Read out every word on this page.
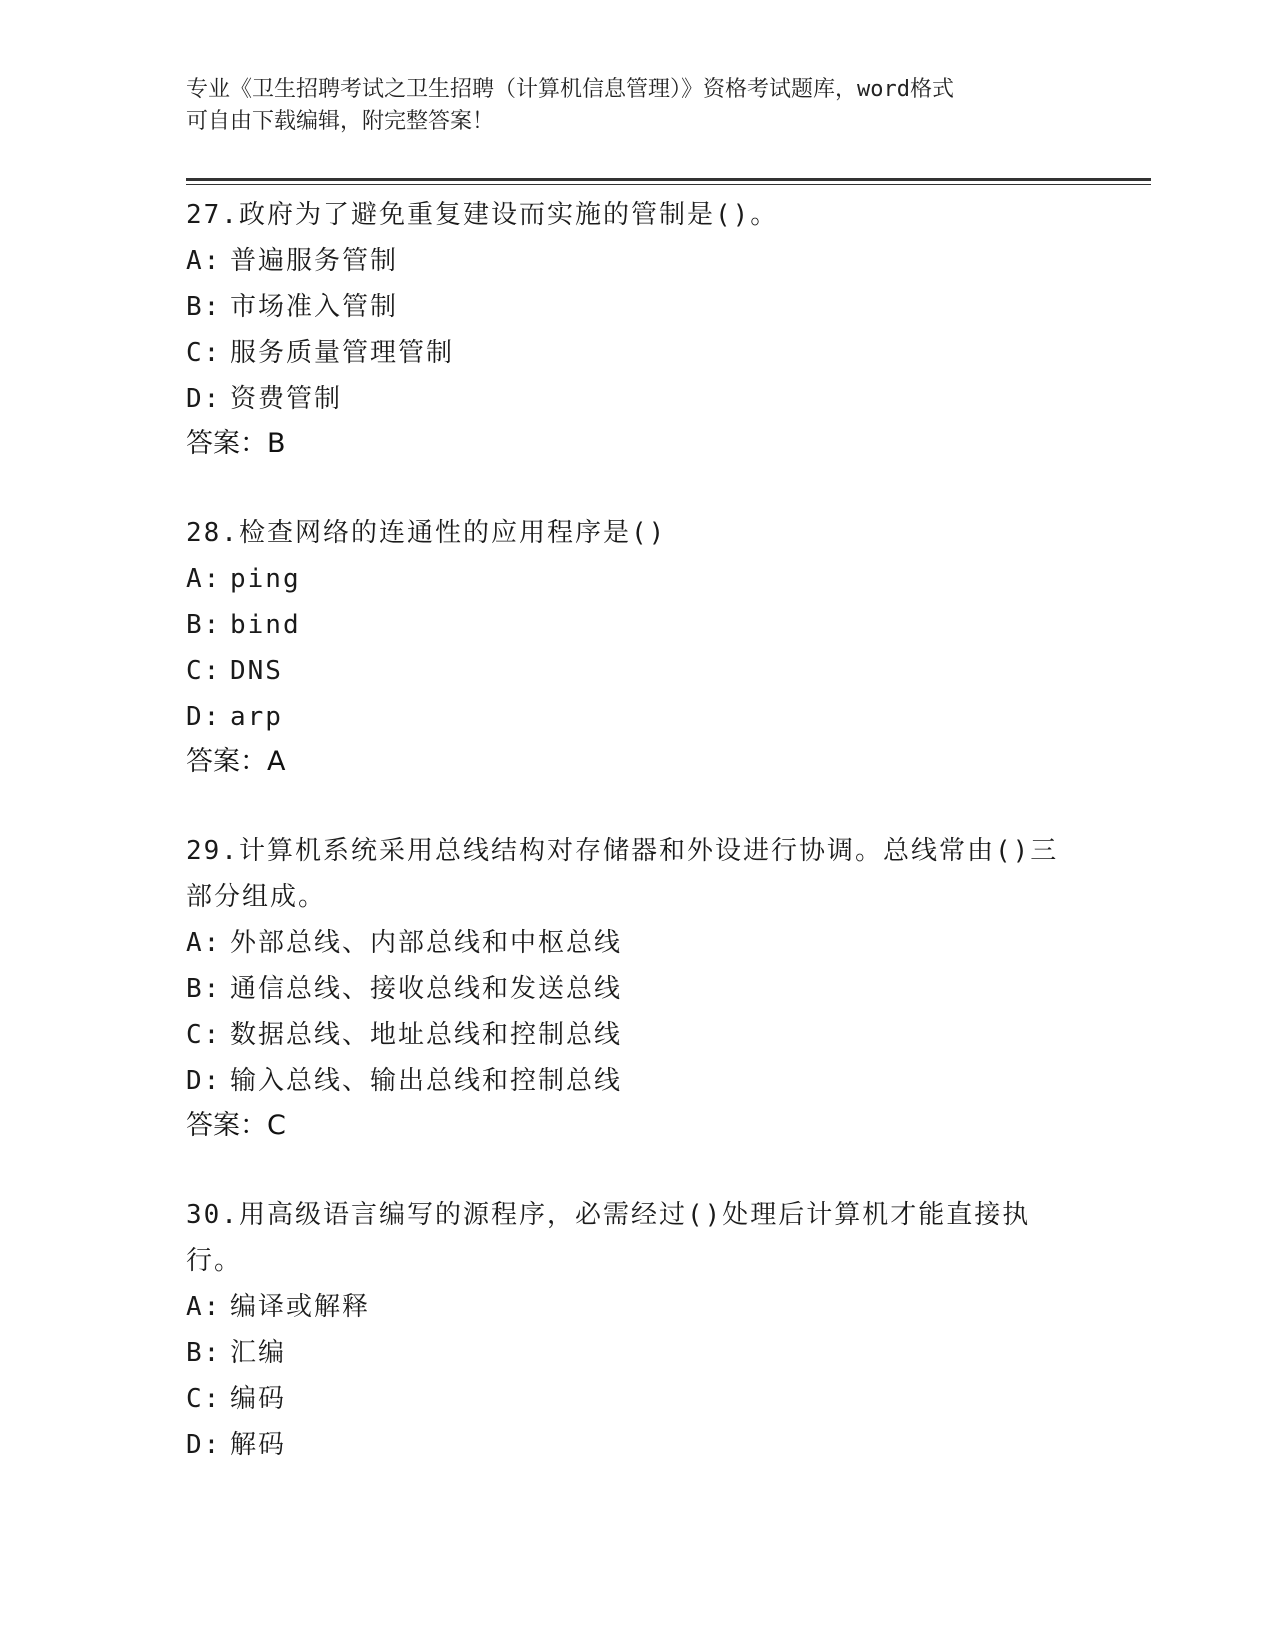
专业《卫生招聘考试之卫生招聘（计算机信息管理）》资格考试题库，word格式
可自由下载编辑，附完整答案！
27.政府为了避免重复建设而实施的管制是()。
A: 普遍服务管制
B: 市场准入管制
C: 服务质量管理管制
D: 资费管制
答案：B
28.检查网络的连通性的应用程序是()
A: ping
B: bind
C: DNS
D: arp
答案：A
29.计算机系统采用总线结构对存储器和外设进行协调。总线常由()三部分组成。
A: 外部总线、内部总线和中枢总线
B: 通信总线、接收总线和发送总线
C: 数据总线、地址总线和控制总线
D: 输入总线、输出总线和控制总线
答案：C
30.用高级语言编写的源程序，必需经过()处理后计算机才能直接执行。
A: 编译或解释
B: 汇编
C: 编码
D: 解码
